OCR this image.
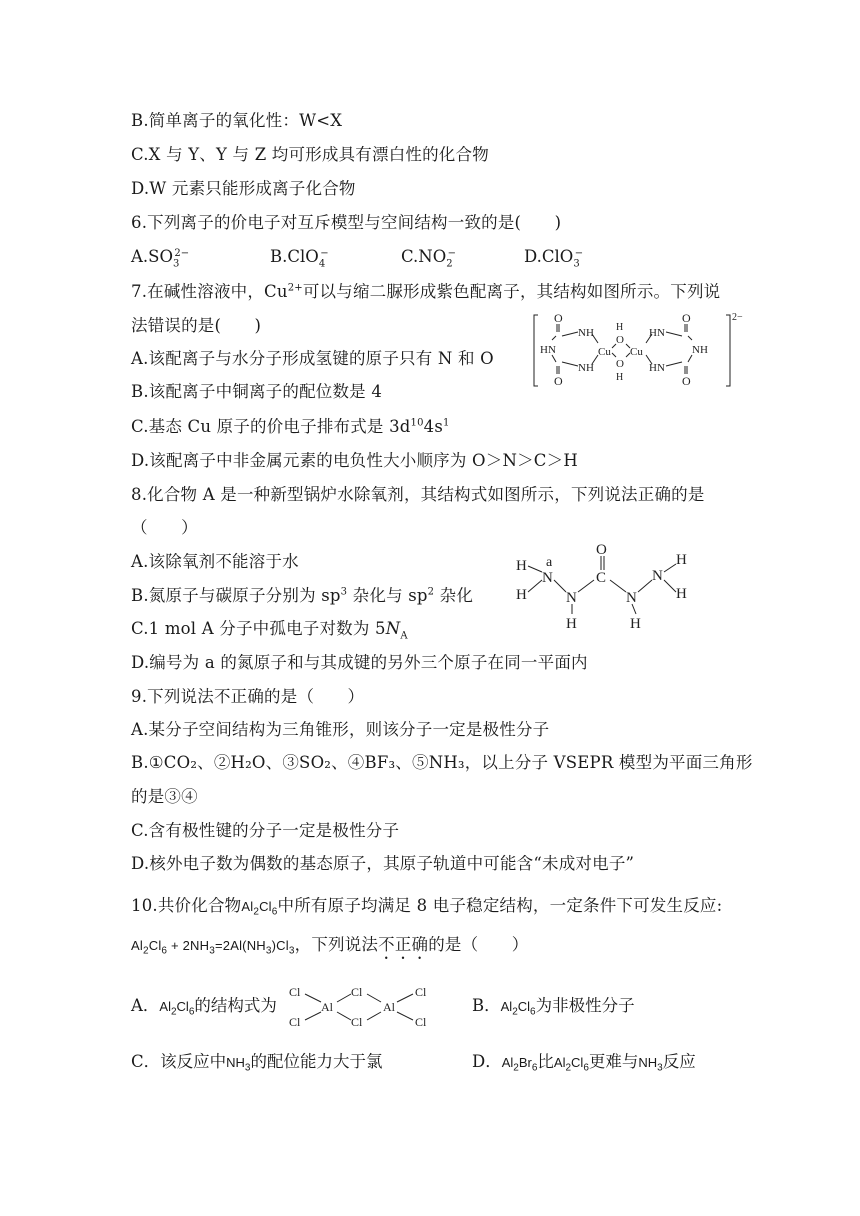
B.简单离子的氧化性：W<X
C.X 与 Y、Y 与 Z 均可形成具有漂白性的化合物
D.W 元素只能形成离子化合物
6.下列离子的价电子对互斥模型与空间结构一致的是(　　)
$A.SO_3^{2-}$	B.ClO$_4$−	$C.NO_2^-$	D.ClO$_3$−
7.在碱性溶液中，$Cu^{2+}$可以与缩二脲形成紫色配离子，其结构如图所示。下列说
法错误的是(　　)
A.该配离子与水分子形成氢键的原子只有 N 和 O
B.该配离子中铜离子的配位数是 4
C.基态 Cu 原子的价电子排布式是 $3d^{10}4s^1$
D.该配离子中非金属元素的电负性大小顺序为 O＞N＞C＞H
O
NH
HN
NH
O
Cu
H
O
O
H
Cu
HN
HN
O
O
NH
2−
8.化合物 A 是一种新型锅炉水除氧剂，其结构式如图所示，下列说法正确的是
（　　）
A.该除氧剂不能溶于水
B.氮原子与碳原子分别为 $sp^3$ 杂化与 $sp^2$ 杂化
C.1 mol A 分子中孤电子对数为 $5N_A$
D.编号为 a 的氮原子和与其成键的另外三个原子在同一平面内
H a
N
H	N
H
O
C
N
H
N
H
H
9.下列说法不正确的是（　　）
A.某分子空间结构为三角锥形，则该分子一定是极性分子
B.①CO₂、②H₂O、③SO₂、④BF₃、⑤NH₃，以上分子 VSEPR 模型为平面三角形
的是③④
C.含有极性键的分子一定是极性分子
D.核外电子数为偶数的基态原子，其原子轨道中可能含“未成对电子”
10.共价化合物$Al_2Cl_6$中所有原子均满足 8 电子稳定结构，一定条件下可发生反应:
$Al_2Cl_6 + 2NH_3=2Al(NH_3)Cl_3$，下列说法不正确的是（　　）
A．$Al_2Cl_6$的结构式为
Cl
Cl
Al
Cl
Cl
Al
Cl
Cl
B．$Al_2Cl_6$为非极性分子
C．该反应中$NH_3$的配位能力大于氯	D．$Al_2Br_6$比$Al_2Cl_6$更难与$NH_3$反应
